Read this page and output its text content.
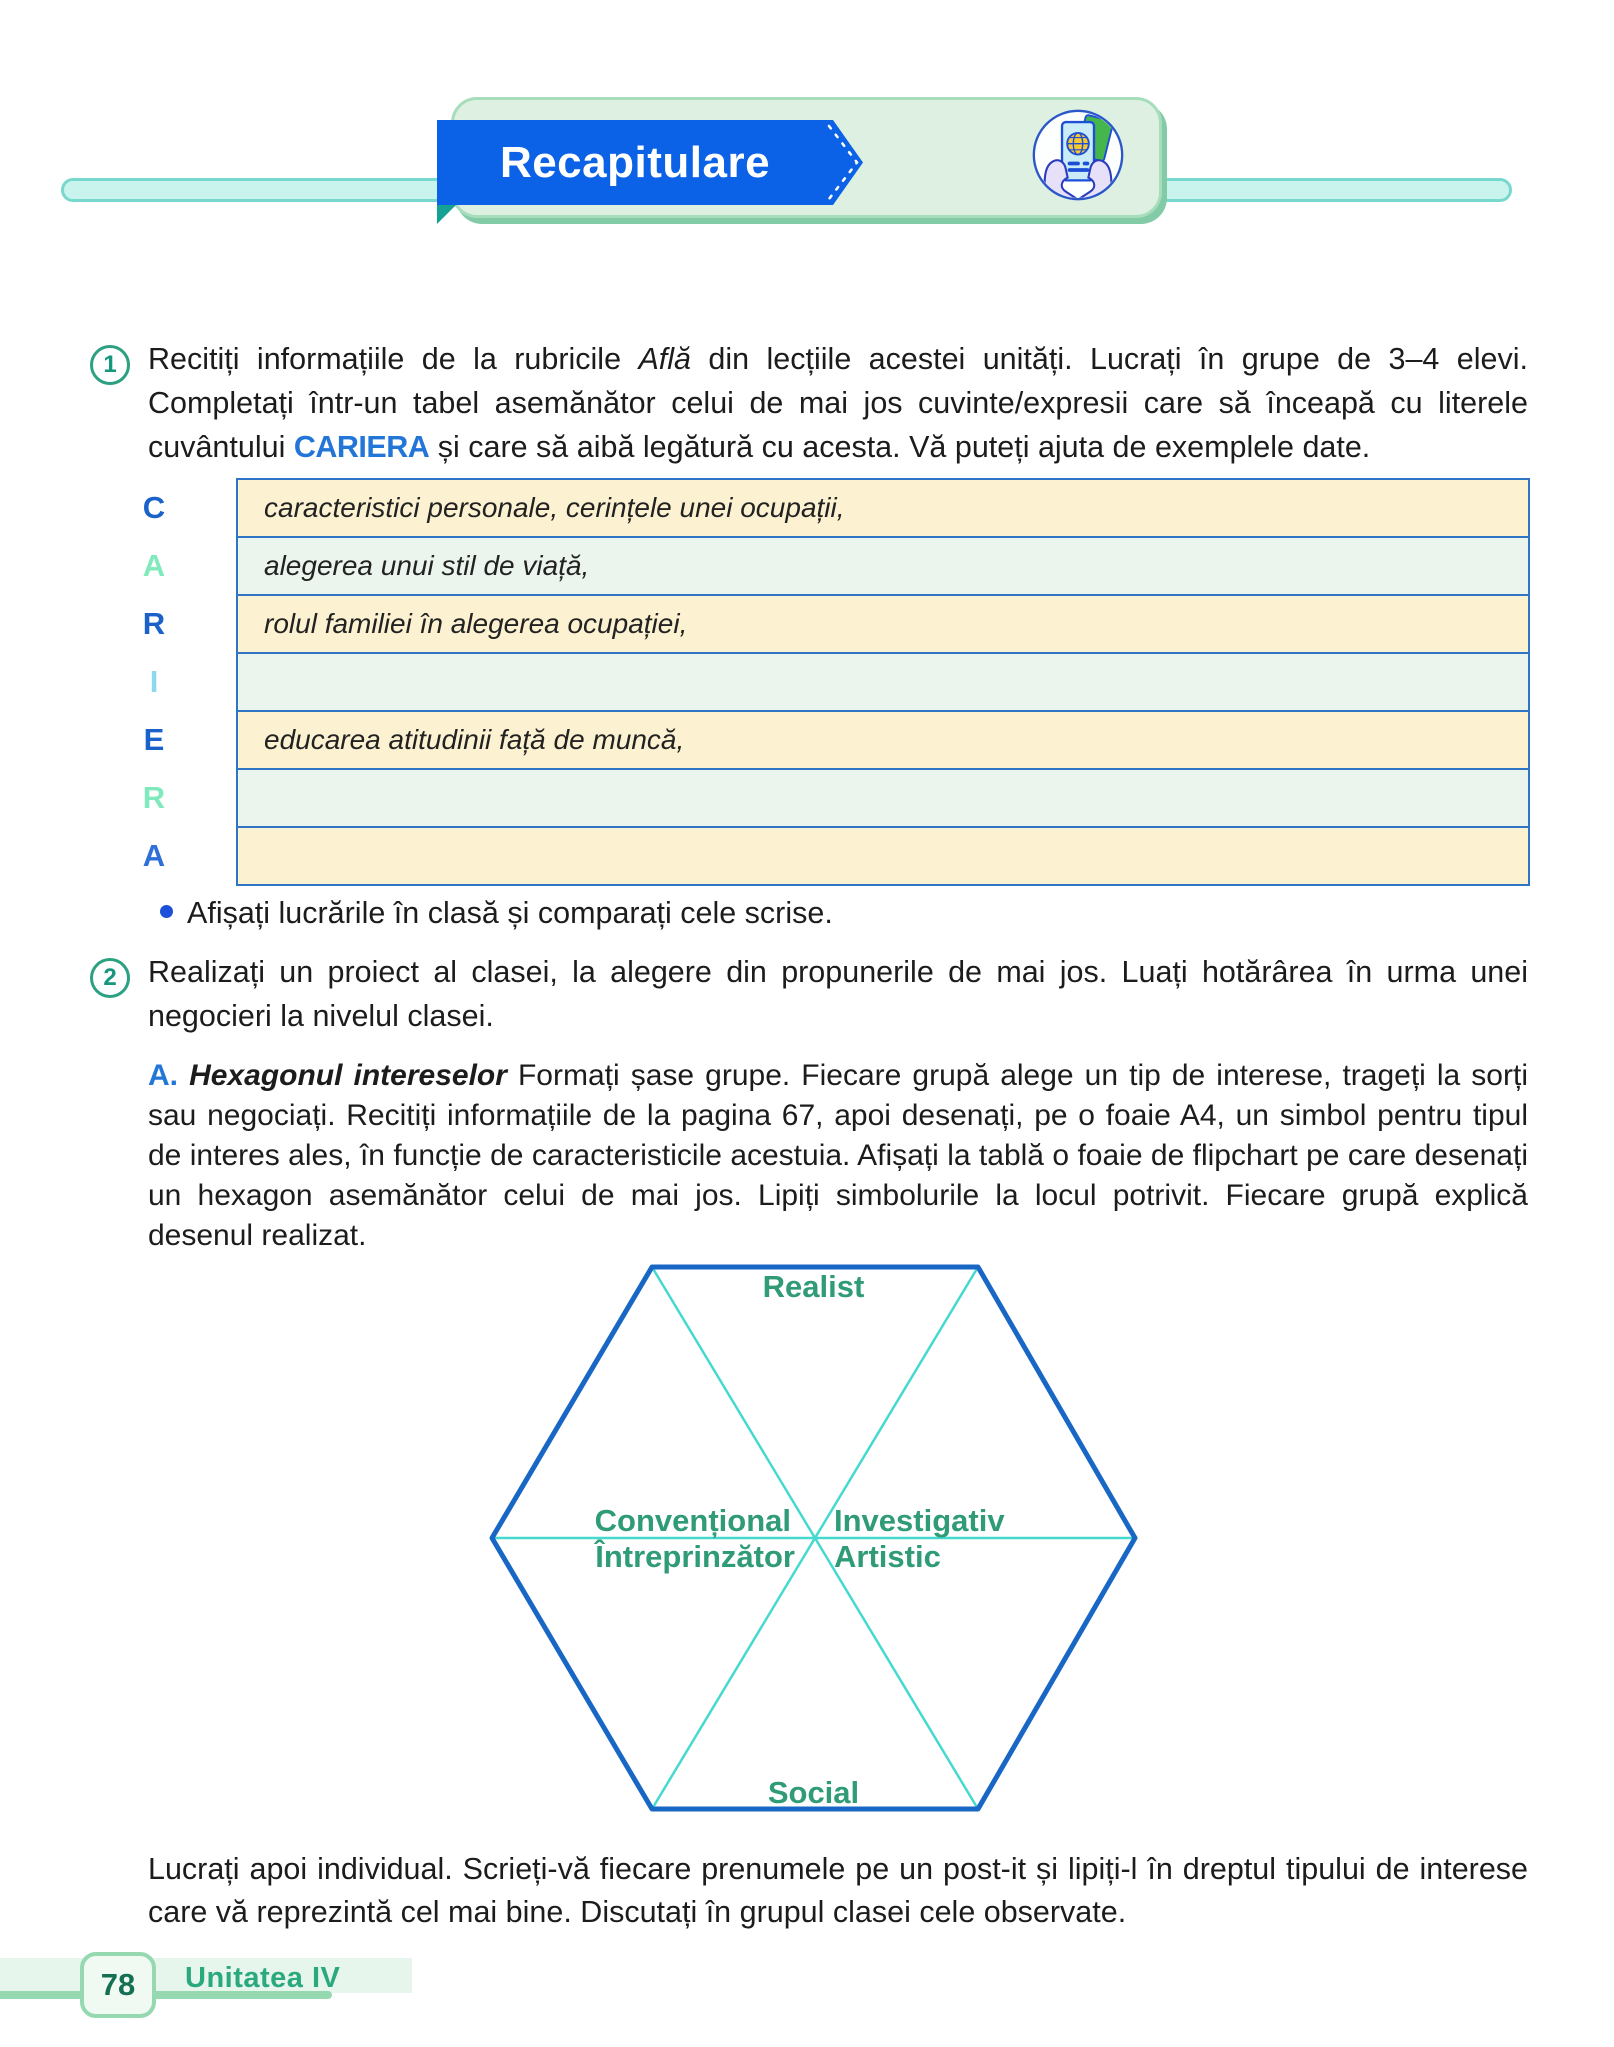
Recapitulare
1	Recitiți informațiile de la rubricile Află din lecțiile acestei unități. Lucrați în grupe de 3–4 elevi. Completați într-un tabel asemănător celui de mai jos cuvinte/expresii care să înceapă cu literele cuvântului CARIERA și care să aibă legătură cu acesta. Vă puteți ajuta de exemplele date.
C	caracteristici personale, cerințele unei ocupații,
A	alegerea unui stil de viață,
R	rolul familiei în alegerea ocupației,
I
E	educarea atitudinii față de muncă,
R
A
Afișați lucrările în clasă și comparați cele scrise.
2	Realizați un proiect al clasei, la alegere din propunerile de mai jos. Luați hotărârea în urma unei negocieri la nivelul clasei.
A. Hexagonul intereselor Formați șase grupe. Fiecare grupă alege un tip de interese, trageți la sorți sau negociați. Recitiți informațiile de la pagina 67, apoi desenați, pe o foaie A4, un simbol pentru tipul de interes ales, în funcție de caracteristicile acestuia. Afișați la tablă o foaie de flipchart pe care desenați un hexagon asemănător celui de mai jos. Lipiți simbolurile la locul potrivit. Fiecare grupă explică desenul realizat.
Realist
Convențional
Întreprinzător
Investigativ
Artistic
Social
Lucrați apoi individual. Scrieți-vă fiecare prenumele pe un post-it și lipiți-l în dreptul tipului de interese care vă reprezintă cel mai bine. Discutați în grupul clasei cele observate.
78	Unitatea IV
